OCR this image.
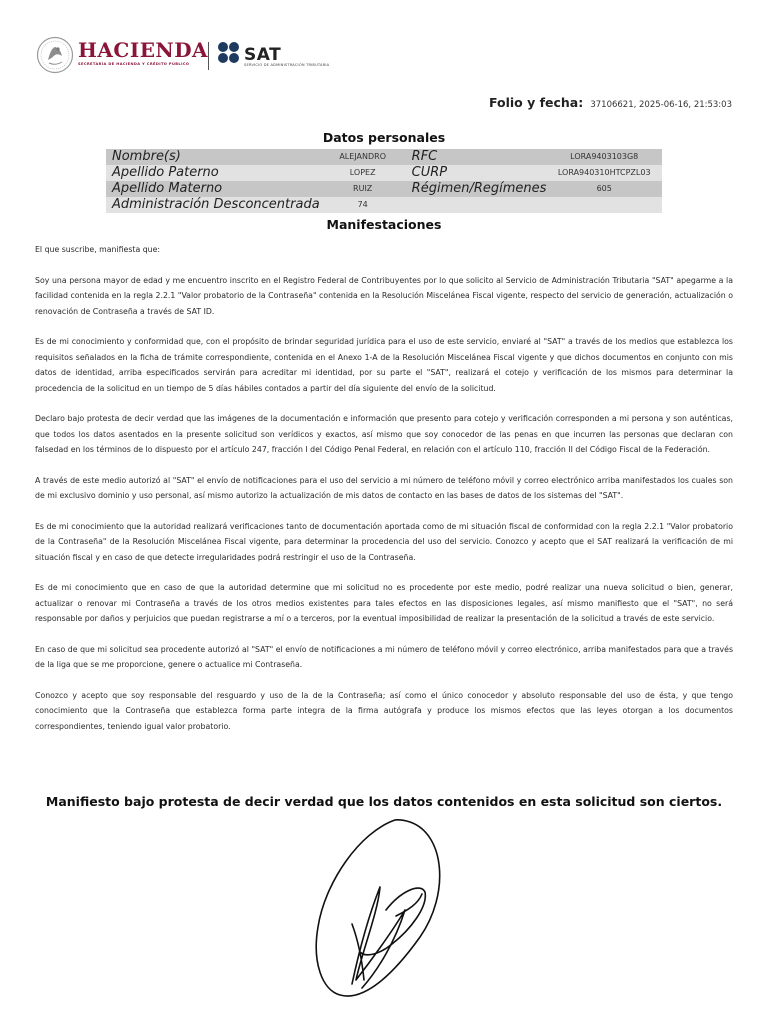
HACIENDA
SECRETARÍA DE HACIENDA Y CRÉDITO PÚBLICO	SAT
SERVICIO DE ADMINISTRACIÓN TRIBUTARIA
Folio y fecha: 37106621, 2025-06-16, 21:53:03
Datos personales
Nombre(s)	ALEJANDRO	RFC	LORA9403103G8
Apellido Paterno	LOPEZ	CURP	LORA940310HTCPZL03
Apellido Materno	RUIZ	Régimen/Regímenes	605
Administración Desconcentrada	74		
Manifestaciones

El que suscribe, manifiesta que:

Soy una persona mayor de edad y me encuentro inscrito en el Registro Federal de Contribuyentes por lo que solicito al Servicio de Administración Tributaria "SAT" apegarme a la facilidad contenida en la regla 2.2.1 "Valor probatorio de la Contraseña" contenida en la Resolución Miscelánea Fiscal vigente, respecto del servicio de generación, actualización o renovación de Contraseña a través de SAT ID.

Es de mi conocimiento y conformidad que, con el propósito de brindar seguridad jurídica para el uso de este servicio, enviaré al "SAT" a través de los medios que establezca los requisitos señalados en la ficha de trámite correspondiente, contenida en el Anexo 1-A de la Resolución Miscelánea Fiscal vigente y que dichos documentos en conjunto con mis datos de identidad, arriba especificados servirán para acreditar mi identidad, por su parte el "SAT", realizará el cotejo y verificación de los mismos para determinar la procedencia de la solicitud en un tiempo de 5 días hábiles contados a partir del día siguiente del envío de la solicitud.

Declaro bajo protesta de decir verdad que las imágenes de la documentación e información que presento para cotejo y verificación corresponden a mi persona y son auténticas, que todos los datos asentados en la presente solicitud son verídicos y exactos, así mismo que soy conocedor de las penas en que incurren las personas que declaran con falsedad en los términos de lo dispuesto por el artículo 247, fracción I del Código Penal Federal, en relación con el artículo 110, fracción II del Código Fiscal de la Federación.

A través de este medio autorizó al "SAT" el envío de notificaciones para el uso del servicio a mi número de teléfono móvil y correo electrónico arriba manifestados los cuales son de mi exclusivo dominio y uso personal, así mismo autorizo la actualización de mis datos de contacto en las bases de datos de los sistemas del "SAT".

Es de mi conocimiento que la autoridad realizará verificaciones tanto de documentación aportada como de mi situación fiscal de conformidad con la regla 2.2.1 "Valor probatorio de la Contraseña" de la Resolución Miscelánea Fiscal vigente, para determinar la procedencia del uso del servicio. Conozco y acepto que el SAT realizará la verificación de mi situación fiscal y en caso de que detecte irregularidades podrá restringir el uso de la Contraseña.

Es de mi conocimiento que en caso de que la autoridad determine que mi solicitud no es procedente por este medio, podré realizar una nueva solicitud o bien, generar, actualizar o renovar mi Contraseña a través de los otros medios existentes para tales efectos en las disposiciones legales, así mismo manifiesto que el "SAT", no será responsable por daños y perjuicios que puedan registrarse a mí o a terceros, por la eventual imposibilidad de realizar la presentación de la solicitud a través de este servicio.

En caso de que mi solicitud sea procedente autorizó al "SAT" el envío de notificaciones a mi número de teléfono móvil y correo electrónico, arriba manifestados para que a través de la liga que se me proporcione, genere o actualice mi Contraseña.

Conozco y acepto que soy responsable del resguardo y uso de la de la Contraseña; así como el único conocedor y absoluto responsable del uso de ésta, y que tengo conocimiento que la Contraseña que establezca forma parte integra de la firma autógrafa y produce los mismos efectos que las leyes otorgan a los documentos correspondientes, teniendo igual valor probatorio.

Manifiesto bajo protesta de decir verdad que los datos contenidos en esta solicitud son ciertos.
